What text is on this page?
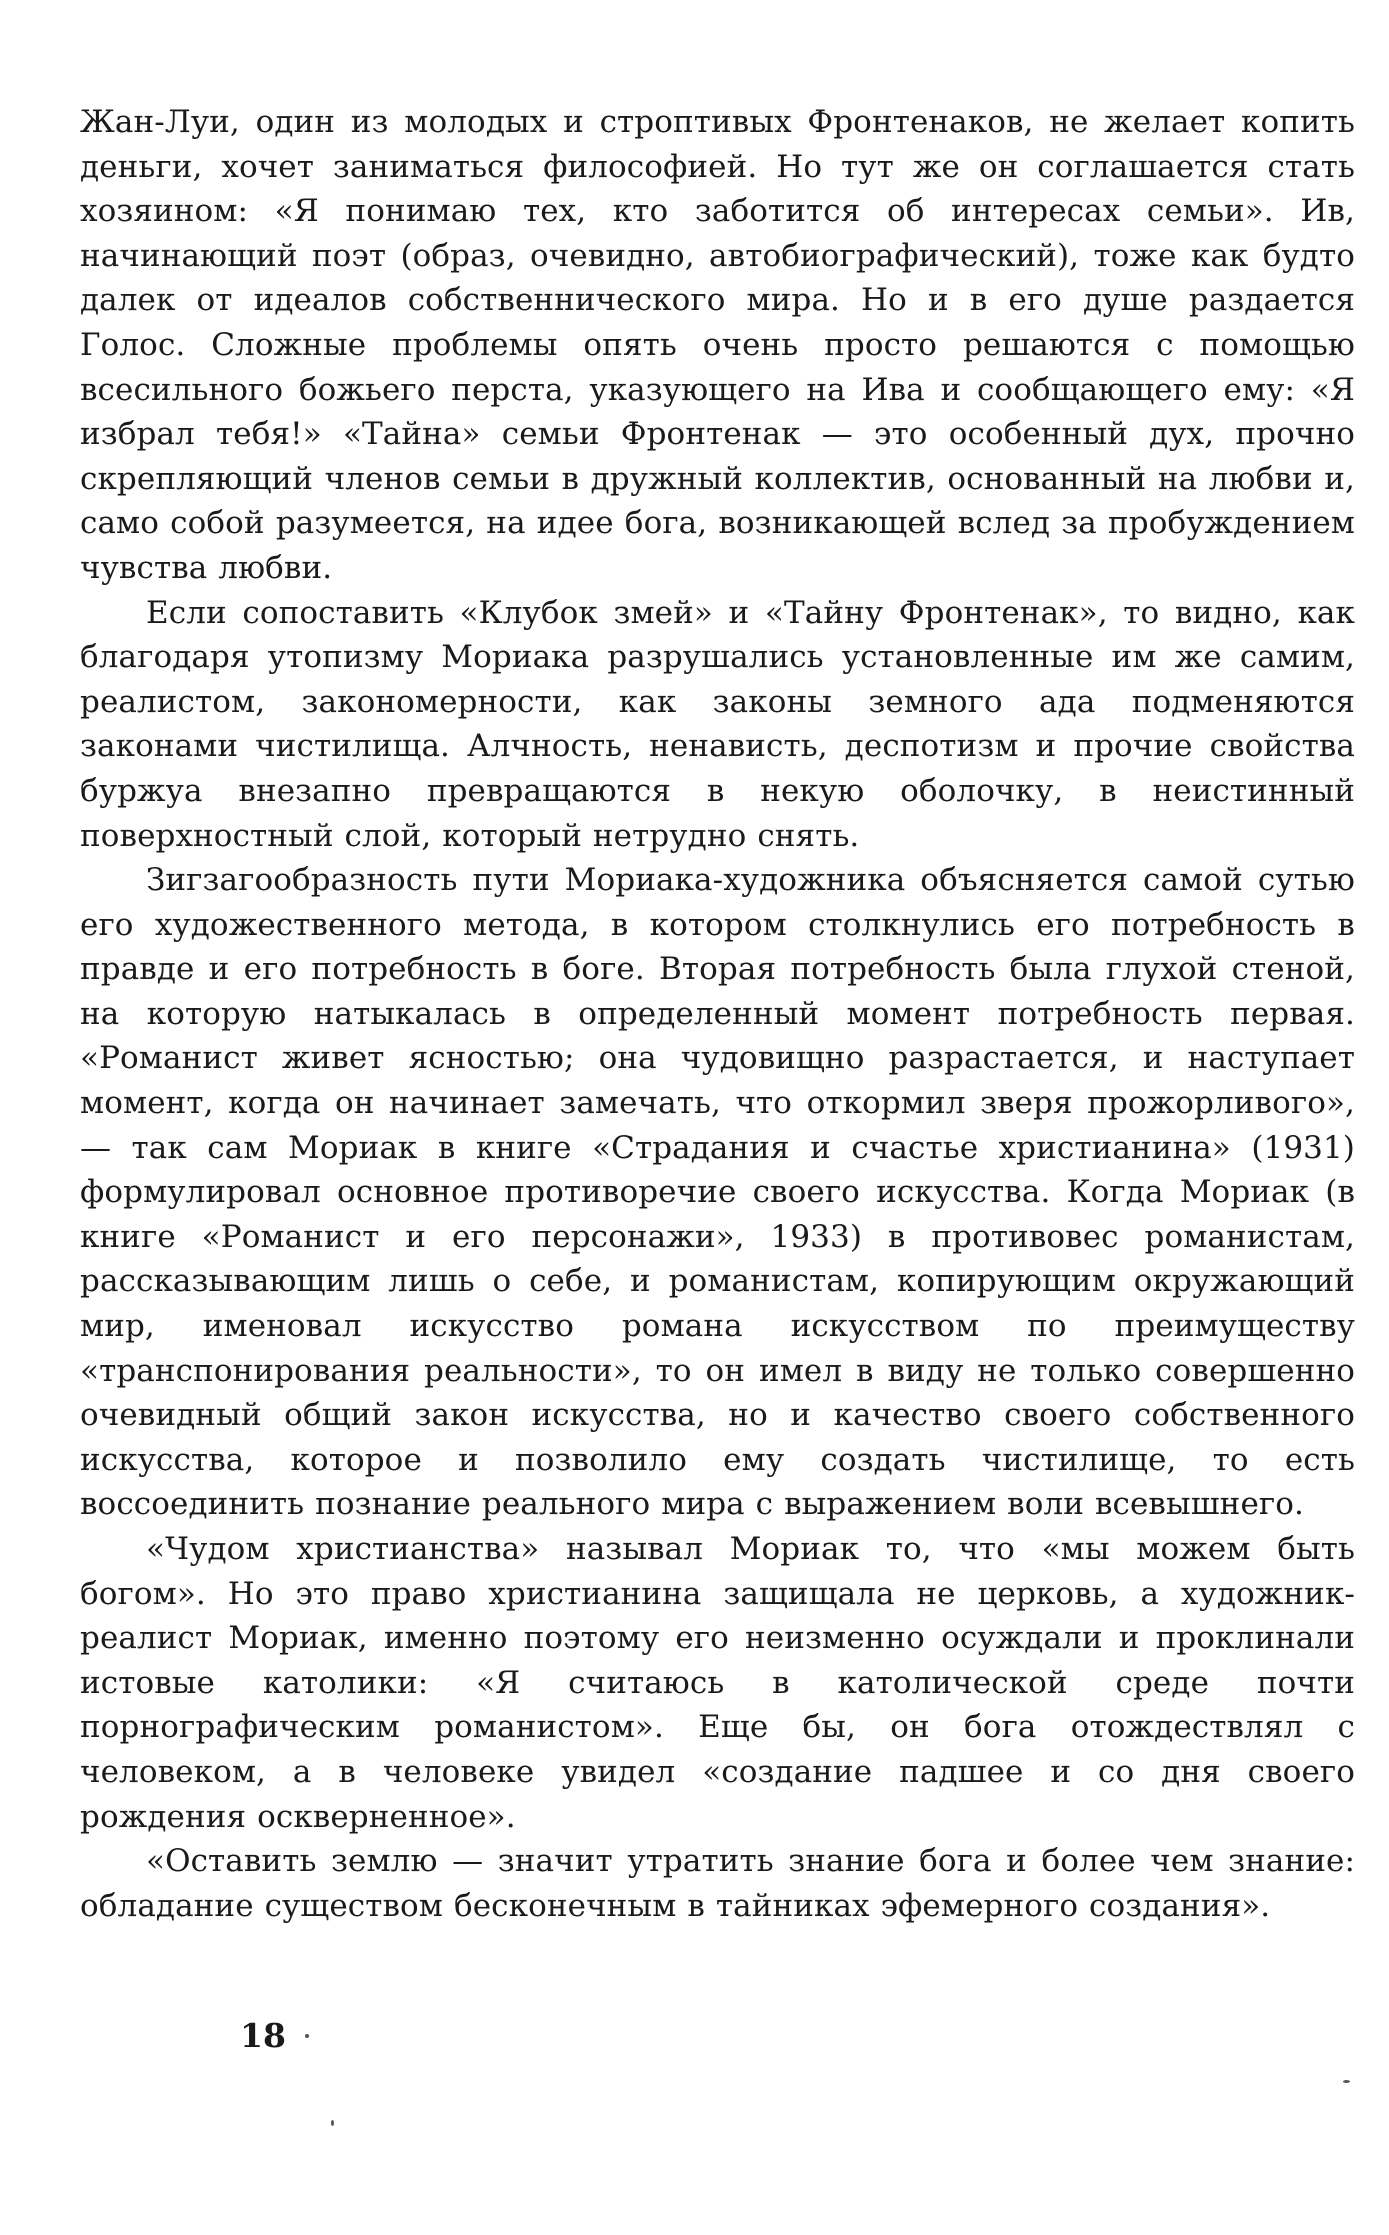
Жан-Луи, один из молодых и строптивых Фронтенаков, не желает копить деньги, хочет заниматься философией. Но тут же он соглашается стать хозяином: «Я понимаю тех, кто заботится об интересах семьи». Ив, начинающий поэт (образ, очевидно, автобиографический), тоже как будто далек от идеалов собственнического мира. Но и в его душе раздается Голос. Сложные проблемы опять очень просто решаются с помощью всесильного божьего перста, указующего на Ива и сообщающего ему: «Я избрал тебя!» «Тайна» семьи Фронтенак — это особенный дух, прочно скрепляющий членов семьи в дружный коллектив, основанный на любви и, само собой разумеется, на идее бога, возникающей вслед за пробуждением чувства любви.

Если сопоставить «Клубок змей» и «Тайну Фронтенак», то видно, как благодаря утопизму Мориака разрушались установленные им же самим, реалистом, закономерности, как законы земного ада подменяются законами чистилища. Алчность, ненависть, деспотизм и прочие свойства буржуа внезапно превращаются в некую оболочку, в неистинный поверхностный слой, который нетрудно снять.

Зигзагообразность пути Мориака-художника объясняется самой сутью его художественного метода, в котором столкнулись его потребность в правде и его потребность в боге. Вторая потребность была глухой стеной, на которую натыкалась в определенный момент потребность первая. «Романист живет ясностью; она чудовищно разрастается, и наступает момент, когда он начинает замечать, что откормил зверя прожорливого»,— так сам Мориак в книге «Страдания и счастье христианина» (1931) формулировал основное противоречие своего искусства. Когда Мориак (в книге «Романист и его персонажи», 1933) в противовес романистам, рассказывающим лишь о себе, и романистам, копирующим окружающий мир, именовал искусство романа искусством по преимуществу «транспонирования реальности», то он имел в виду не только совершенно очевидный общий закон искусства, но и качество своего собственного искусства, которое и позволило ему создать чистилище, то есть воссоединить познание реального мира с выражением воли всевышнего.

«Чудом христианства» называл Мориак то, что «мы можем быть богом». Но это право христианина защищала не церковь, а художник-реалист Мориак, именно поэтому его неизменно осуждали и проклинали истовые католики: «Я считаюсь в католической среде почти порнографическим романистом». Еще бы, он бога отождествлял с человеком, а в человеке увидел «создание падшее и со дня своего рождения оскверненное».

«Оставить землю — значит утратить знание бога и более чем знание: обладание существом бесконечным в тайниках эфемерного создания».

18
